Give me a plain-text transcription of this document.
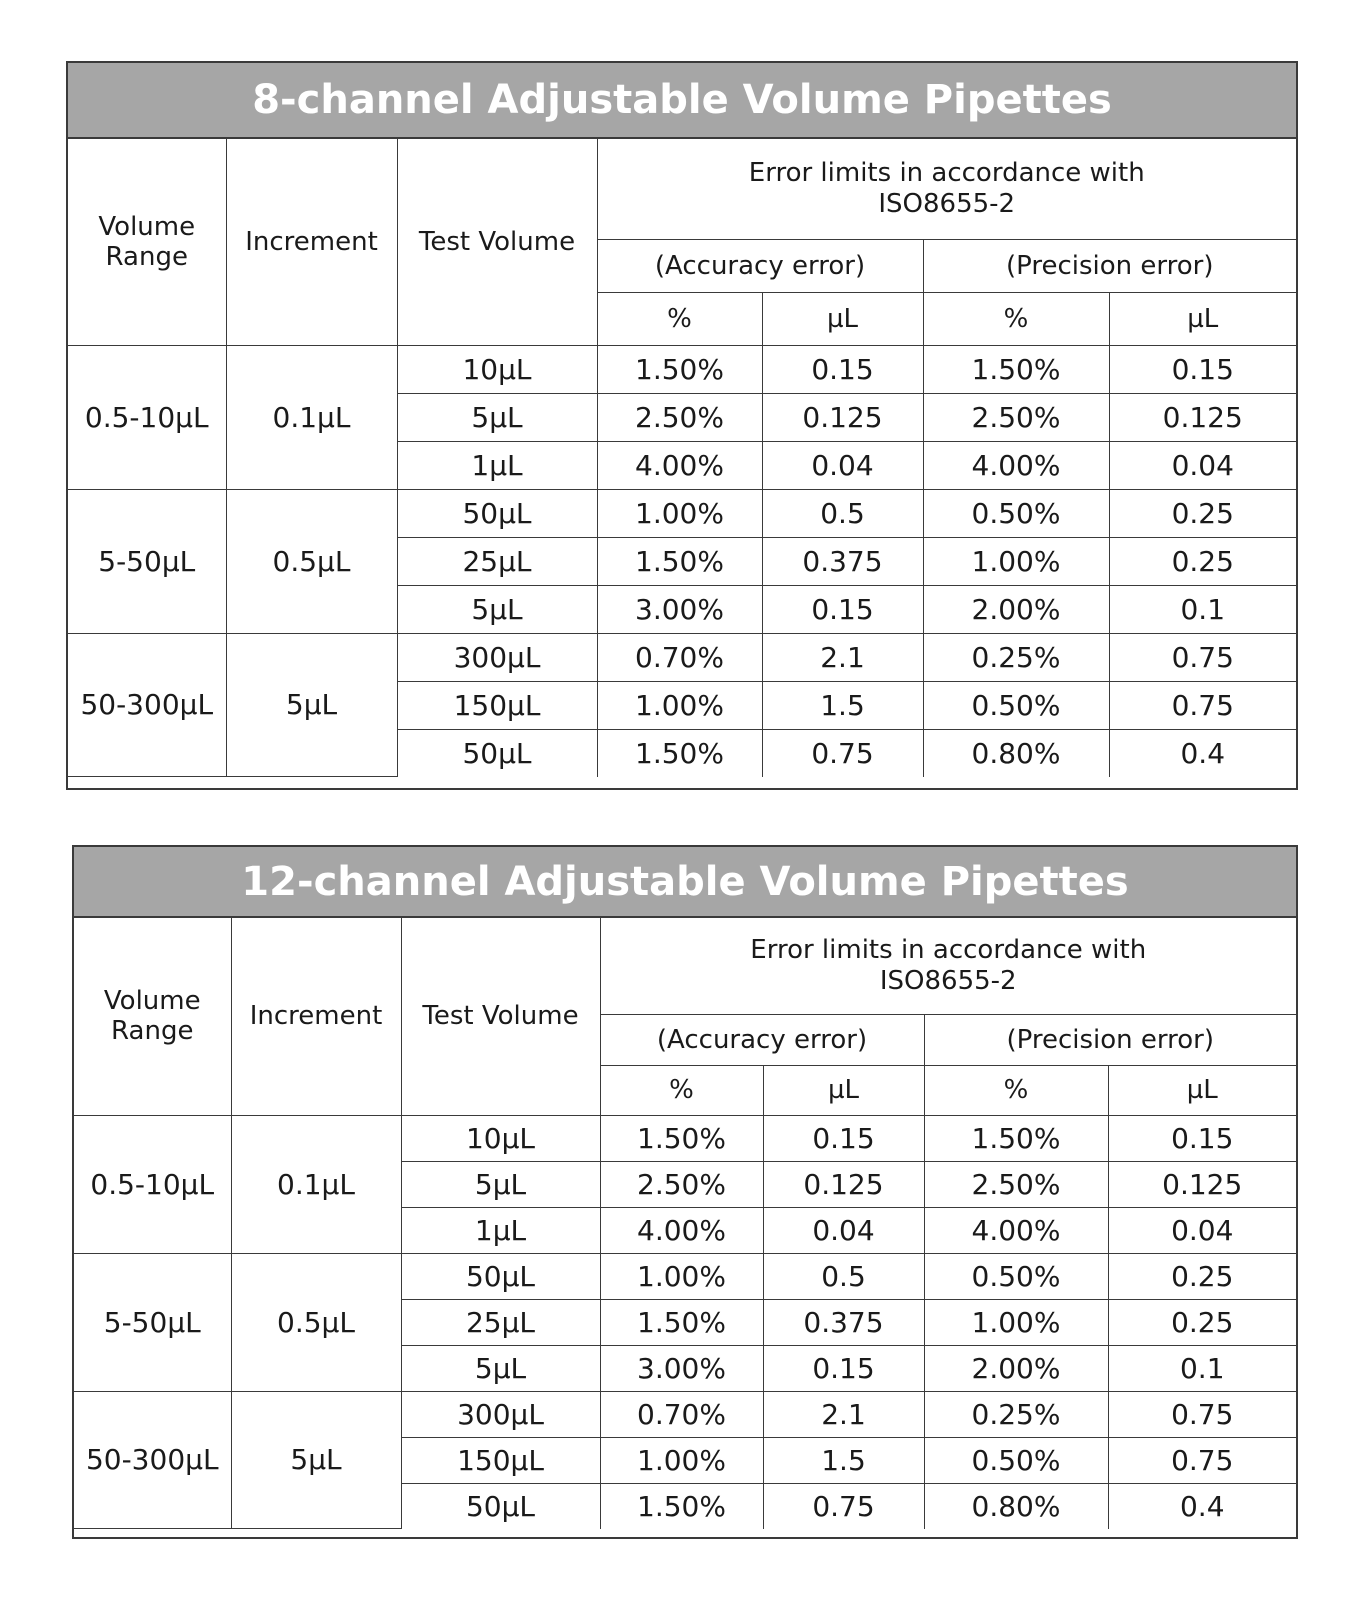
8-channel Adjustable Volume Pipettes
Volume Range	Increment	Test Volume	Error limits in accordance with
ISO8655-2			

			(Accuracy error)		(Precision error)	
			%	µL	%	µL
0.5-10µL	0.1µL	10µL	1.50%	0.15	1.50%	0.15
		5µL	2.50%	0.125	2.50%	0.125
		1µL	4.00%	0.04	4.00%	0.04
5-50µL	0.5µL	50µL	1.00%	0.5	0.50%	0.25
		25µL	1.50%	0.375	1.00%	0.25
		5µL	3.00%	0.15	2.00%	0.1
50-300µL	5µL	300µL	0.70%	2.1	0.25%	0.75
		150µL	1.00%	1.5	0.50%	0.75
		50µL	1.50%	0.75	0.80%	0.4
12-channel Adjustable Volume Pipettes
Volume Range	Increment	Test Volume	Error limits in accordance with
ISO8655-2			

			(Accuracy error)		(Precision error)	
			%	µL	%	µL
0.5-10µL	0.1µL	10µL	1.50%	0.15	1.50%	0.15
		5µL	2.50%	0.125	2.50%	0.125
		1µL	4.00%	0.04	4.00%	0.04
5-50µL	0.5µL	50µL	1.00%	0.5	0.50%	0.25
		25µL	1.50%	0.375	1.00%	0.25
		5µL	3.00%	0.15	2.00%	0.1
50-300µL	5µL	300µL	0.70%	2.1	0.25%	0.75
		150µL	1.00%	1.5	0.50%	0.75
		50µL	1.50%	0.75	0.80%	0.4
